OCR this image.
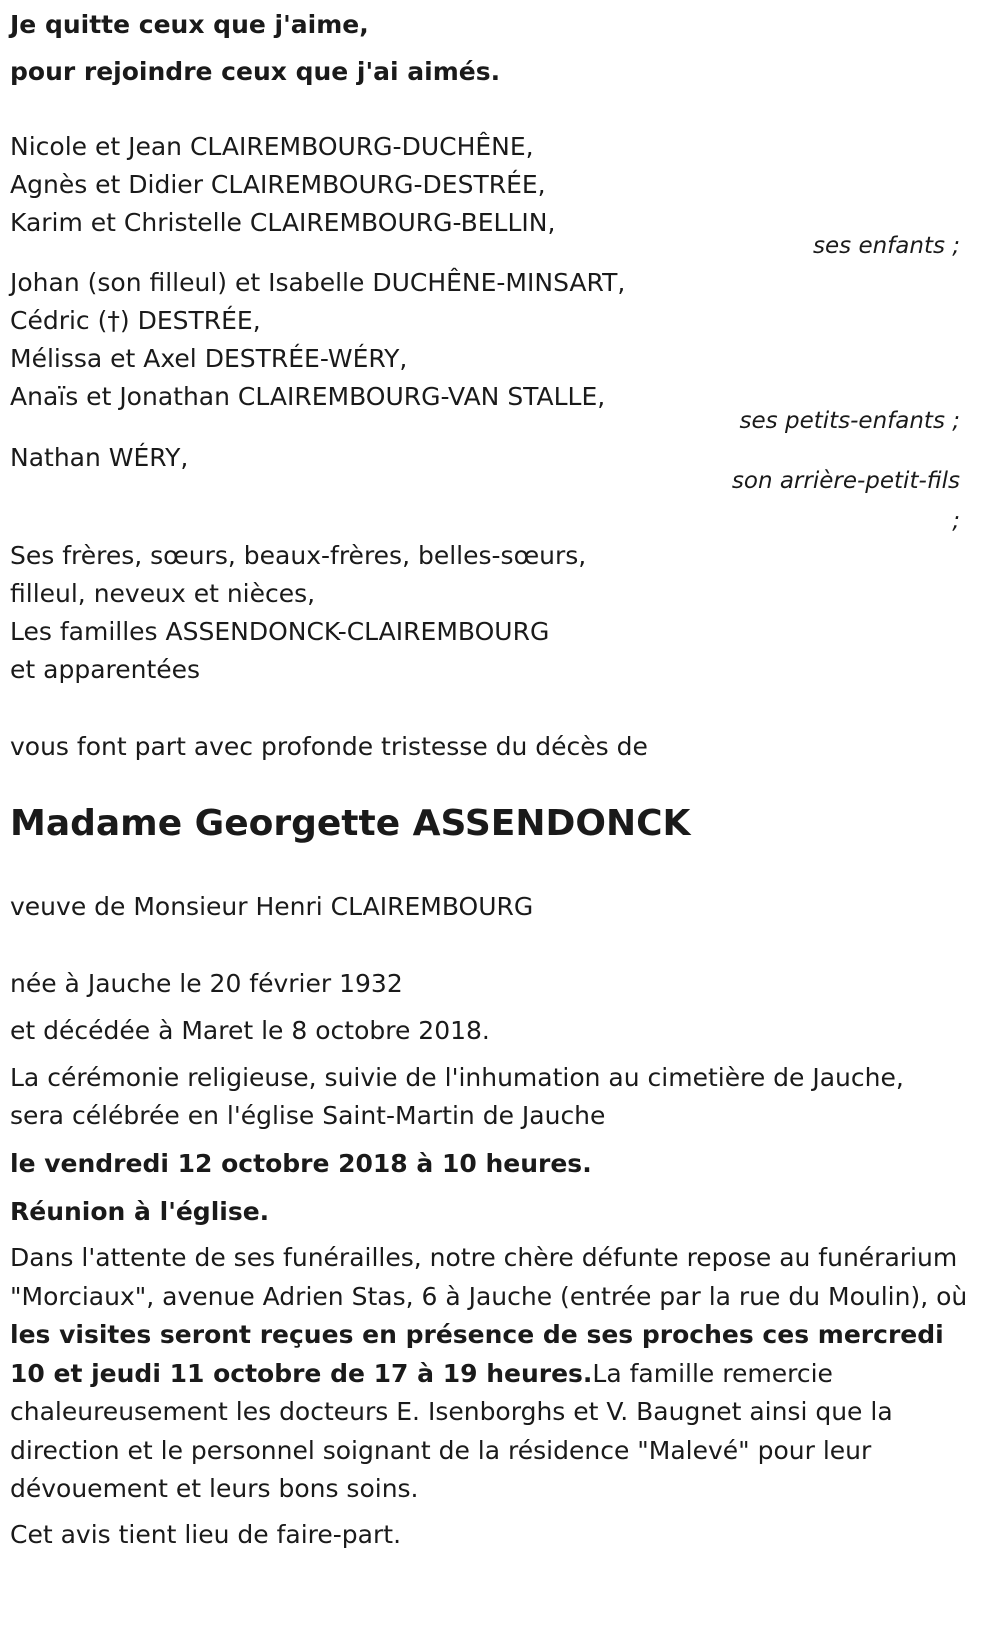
Je quitte ceux que j'aime,
pour rejoindre ceux que j'ai aimés.
Nicole et Jean CLAIREMBOURG-DUCHÊNE,
Agnès et Didier CLAIREMBOURG-DESTRÉE,
Karim et Christelle CLAIREMBOURG-BELLIN,
ses enfants ;
Johan (son filleul) et Isabelle DUCHÊNE-MINSART,
Cédric (†) DESTRÉE,
Mélissa et Axel DESTRÉE-WÉRY,
Anaïs et Jonathan CLAIREMBOURG-VAN STALLE,
ses petits-enfants ;
Nathan WÉRY,
son arrière-petit-fils
;
Ses frères, sœurs, beaux-frères, belles-sœurs,
filleul, neveux et nièces,
Les familles ASSENDONCK-CLAIREMBOURG
et apparentées
vous font part avec profonde tristesse du décès de
Madame Georgette ASSENDONCK
veuve de Monsieur Henri CLAIREMBOURG
née à Jauche le 20 février 1932
et décédée à Maret le 8 octobre 2018.
La cérémonie religieuse, suivie de l'inhumation au cimetière de Jauche,
sera célébrée en l'église Saint-Martin de Jauche
le vendredi 12 octobre 2018 à 10 heures.
Réunion à l'église.
Dans l'attente de ses funérailles, notre chère défunte repose au funérarium "Morciaux", avenue Adrien Stas, 6 à Jauche (entrée par la rue du Moulin), où les visites seront reçues en présence de ses proches ces mercredi 10 et jeudi 11 octobre de 17 à 19 heures.La famille remercie chaleureusement les docteurs E. Isenborghs et V. Baugnet ainsi que la direction et le personnel soignant de la résidence "Malevé" pour leur dévouement et leurs bons soins.
Cet avis tient lieu de faire-part.
